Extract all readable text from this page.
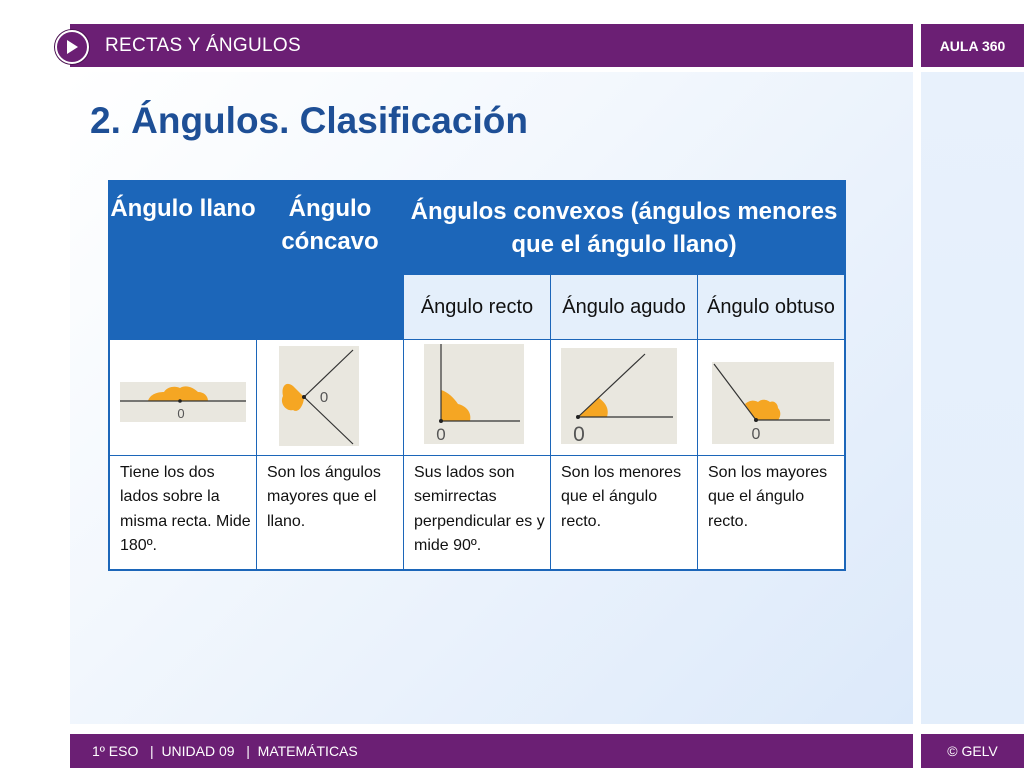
RECTAS Y ÁNGULOS	AULA 360
2. Ángulos. Clasificación
Ángulo llano	Ángulo cóncavo	Ángulos convexos (ángulos menores que el ángulo llano)		
		Ángulo recto	Ángulo agudo	Ángulo obtuso

0	0	0	0	0

Tiene los dos lados sobre la misma recta. Mide 180º.	Son los ángulos mayores que el llano.	Sus lados son semirrectas perpendicular es y mide 90º.	Son los menores que el ángulo recto.	Son los mayores que el ángulo recto.
1º ESO   |  UNIDAD 09   |  MATEMÁTICAS	© GELV
